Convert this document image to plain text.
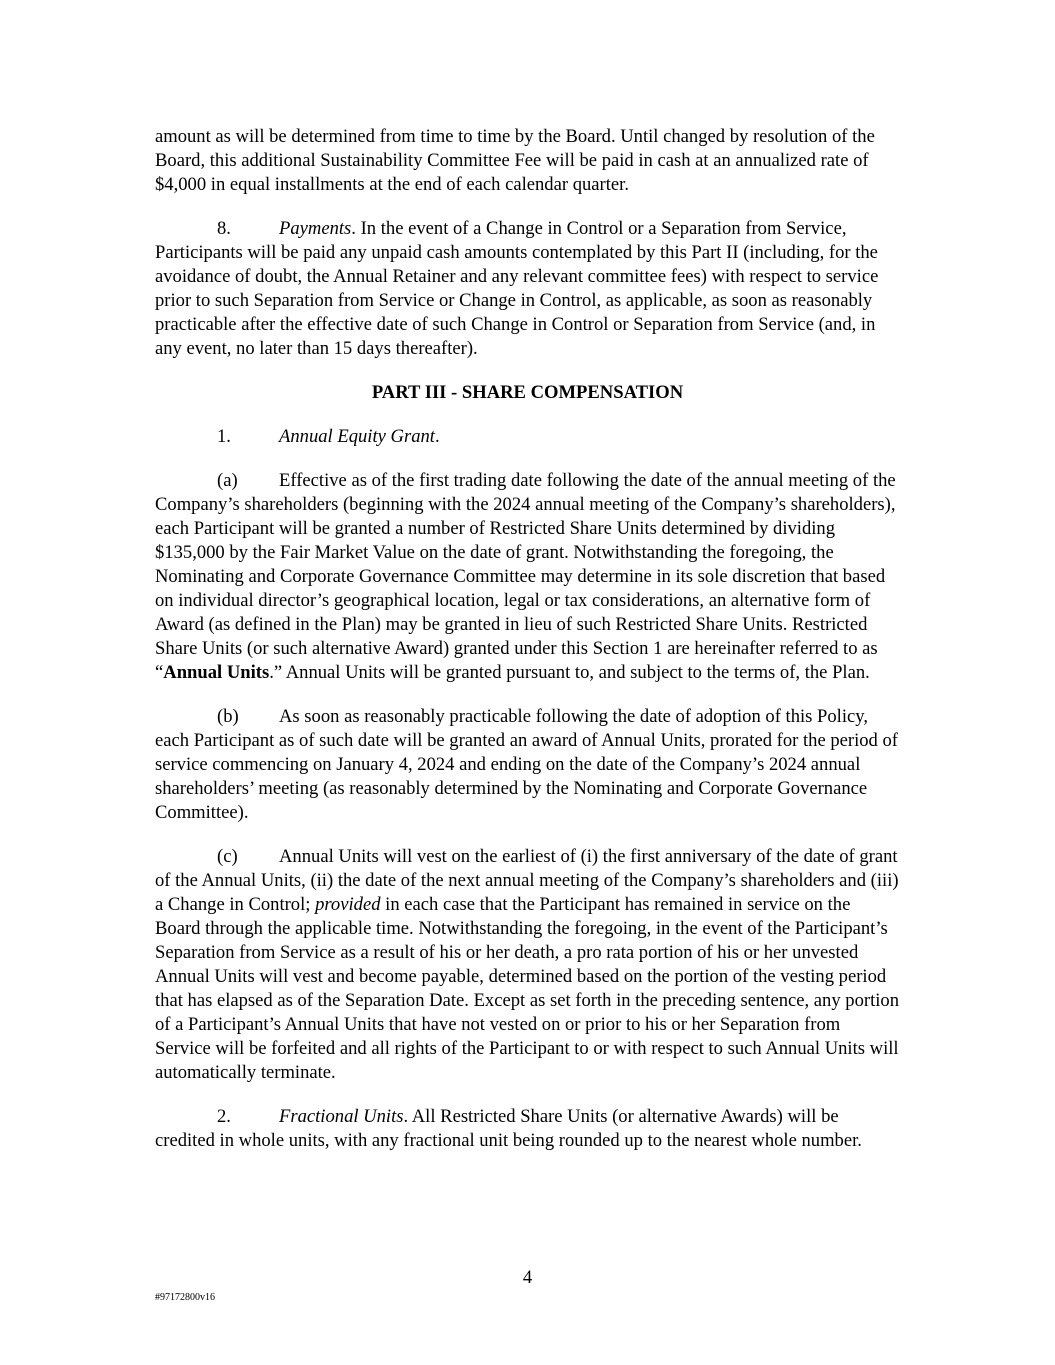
amount as will be determined from time to time by the Board. Until changed by resolution of the Board, this additional Sustainability Committee Fee will be paid in cash at an annualized rate of $4,000 in equal installments at the end of each calendar quarter.

8.	Payments. In the event of a Change in Control or a Separation from Service, Participants will be paid any unpaid cash amounts contemplated by this Part II (including, for the avoidance of doubt, the Annual Retainer and any relevant committee fees) with respect to service prior to such Separation from Service or Change in Control, as applicable, as soon as reasonably practicable after the effective date of such Change in Control or Separation from Service (and, in any event, no later than 15 days thereafter).

PART III - SHARE COMPENSATION

1.	Annual Equity Grant.

(a) Effective as of the first trading date following the date of the annual meeting of the Company’s shareholders (beginning with the 2024 annual meeting of the Company’s shareholders), each Participant will be granted a number of Restricted Share Units determined by dividing $135,000 by the Fair Market Value on the date of grant. Notwithstanding the foregoing, the Nominating and Corporate Governance Committee may determine in its sole discretion that based on individual director’s geographical location, legal or tax considerations, an alternative form of Award (as defined in the Plan) may be granted in lieu of such Restricted Share Units. Restricted Share Units (or such alternative Award) granted under this Section 1 are hereinafter referred to as “Annual Units.” Annual Units will be granted pursuant to, and subject to the terms of, the Plan.

(b) As soon as reasonably practicable following the date of adoption of this Policy, each Participant as of such date will be granted an award of Annual Units, prorated for the period of service commencing on January 4, 2024 and ending on the date of the Company’s 2024 annual shareholders’ meeting (as reasonably determined by the Nominating and Corporate Governance Committee).

(c) Annual Units will vest on the earliest of (i) the first anniversary of the date of grant of the Annual Units, (ii) the date of the next annual meeting of the Company’s shareholders and (iii) a Change in Control; provided in each case that the Participant has remained in service on the Board through the applicable time. Notwithstanding the foregoing, in the event of the Participant’s Separation from Service as a result of his or her death, a pro rata portion of his or her unvested Annual Units will vest and become payable, determined based on the portion of the vesting period that has elapsed as of the Separation Date. Except as set forth in the preceding sentence, any portion of a Participant’s Annual Units that have not vested on or prior to his or her Separation from Service will be forfeited and all rights of the Participant to or with respect to such Annual Units will automatically terminate.

2.	Fractional Units. All Restricted Share Units (or alternative Awards) will be credited in whole units, with any fractional unit being rounded up to the nearest whole number.

4
#97172800v16
